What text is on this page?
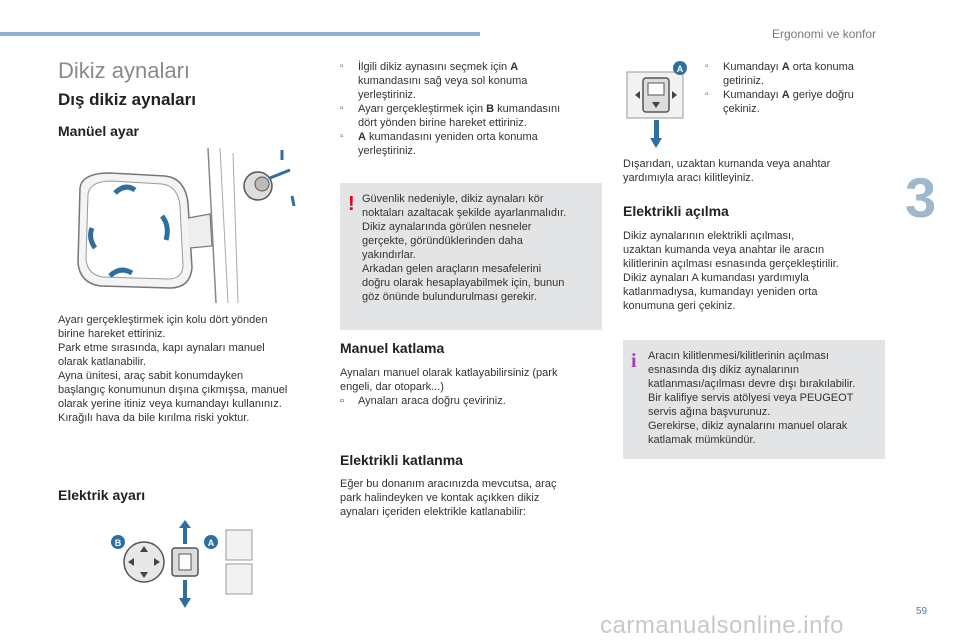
Ergonomi ve konfor
3
59
carmanualsonline.info
Dikiz aynaları
Dış dikiz aynaları
Manüel ayar
Ayarı gerçekleştirmek için kolu dört yönden
birine hareket ettiriniz.
Park etme sırasında, kapı aynaları manuel
olarak katlanabilir.
Ayna ünitesi, araç sabit konumdayken
başlangıç konumunun dışına çıkmışsa, manuel
olarak yerine itiniz veya kumandayı kullanınız.
Kırağılı hava da bile kırılma riski yoktur.
Elektrik ayarı
B	A
▫ İlgili dikiz aynasını seçmek için A
kumandasını sağ veya sol konuma
yerleştiriniz.
▫ Ayarı gerçekleştirmek için B kumandasını
dört yönden birine hareket ettiriniz.
▫ A kumandasını yeniden orta konuma
yerleştiriniz.
! Güvenlik nedeniyle, dikiz aynaları kör
noktaları azaltacak şekilde ayarlanmalıdır.
Dikiz aynalarında görülen nesneler
gerçekte, göründüklerinden daha
yakındırlar.
Arkadan gelen araçların mesafelerini
doğru olarak hesaplayabilmek için, bunun
göz önünde bulundurulması gerekir.
Manuel katlama
Aynaları manuel olarak katlayabilirsiniz (park
engeli, dar otopark...)
▫ Aynaları araca doğru çeviriniz.
Elektrikli katlanma
Eğer bu donanım aracınızda mevcutsa, araç
park halindeyken ve kontak açıkken dikiz
aynaları içeriden elektrikle katlanabilir:
A ▫ Kumandayı A orta konuma
getiriniz.
▫ Kumandayı A geriye doğru
çekiniz.
Dışarıdan, uzaktan kumanda veya anahtar
yardımıyla aracı kilitleyiniz.
Elektrikli açılma
Dikiz aynalarının elektrikli açılması,
uzaktan kumanda veya anahtar ile aracın
kilitlerinin açılması esnasında gerçekleştirilir.
Dikiz aynaları A kumandası yardımıyla
katlanmadıysa, kumandayı yeniden orta
konumuna geri çekiniz.
i Aracın kilitlenmesi/kilitlerinin açılması
esnasında dış dikiz aynalarının
katlanması/açılması devre dışı bırakılabilir.
Bir kalifiye servis atölyesi veya PEUGEOT
servis ağına başvurunuz.
Gerekirse, dikiz aynalarını manuel olarak
katlamak mümkündür.
